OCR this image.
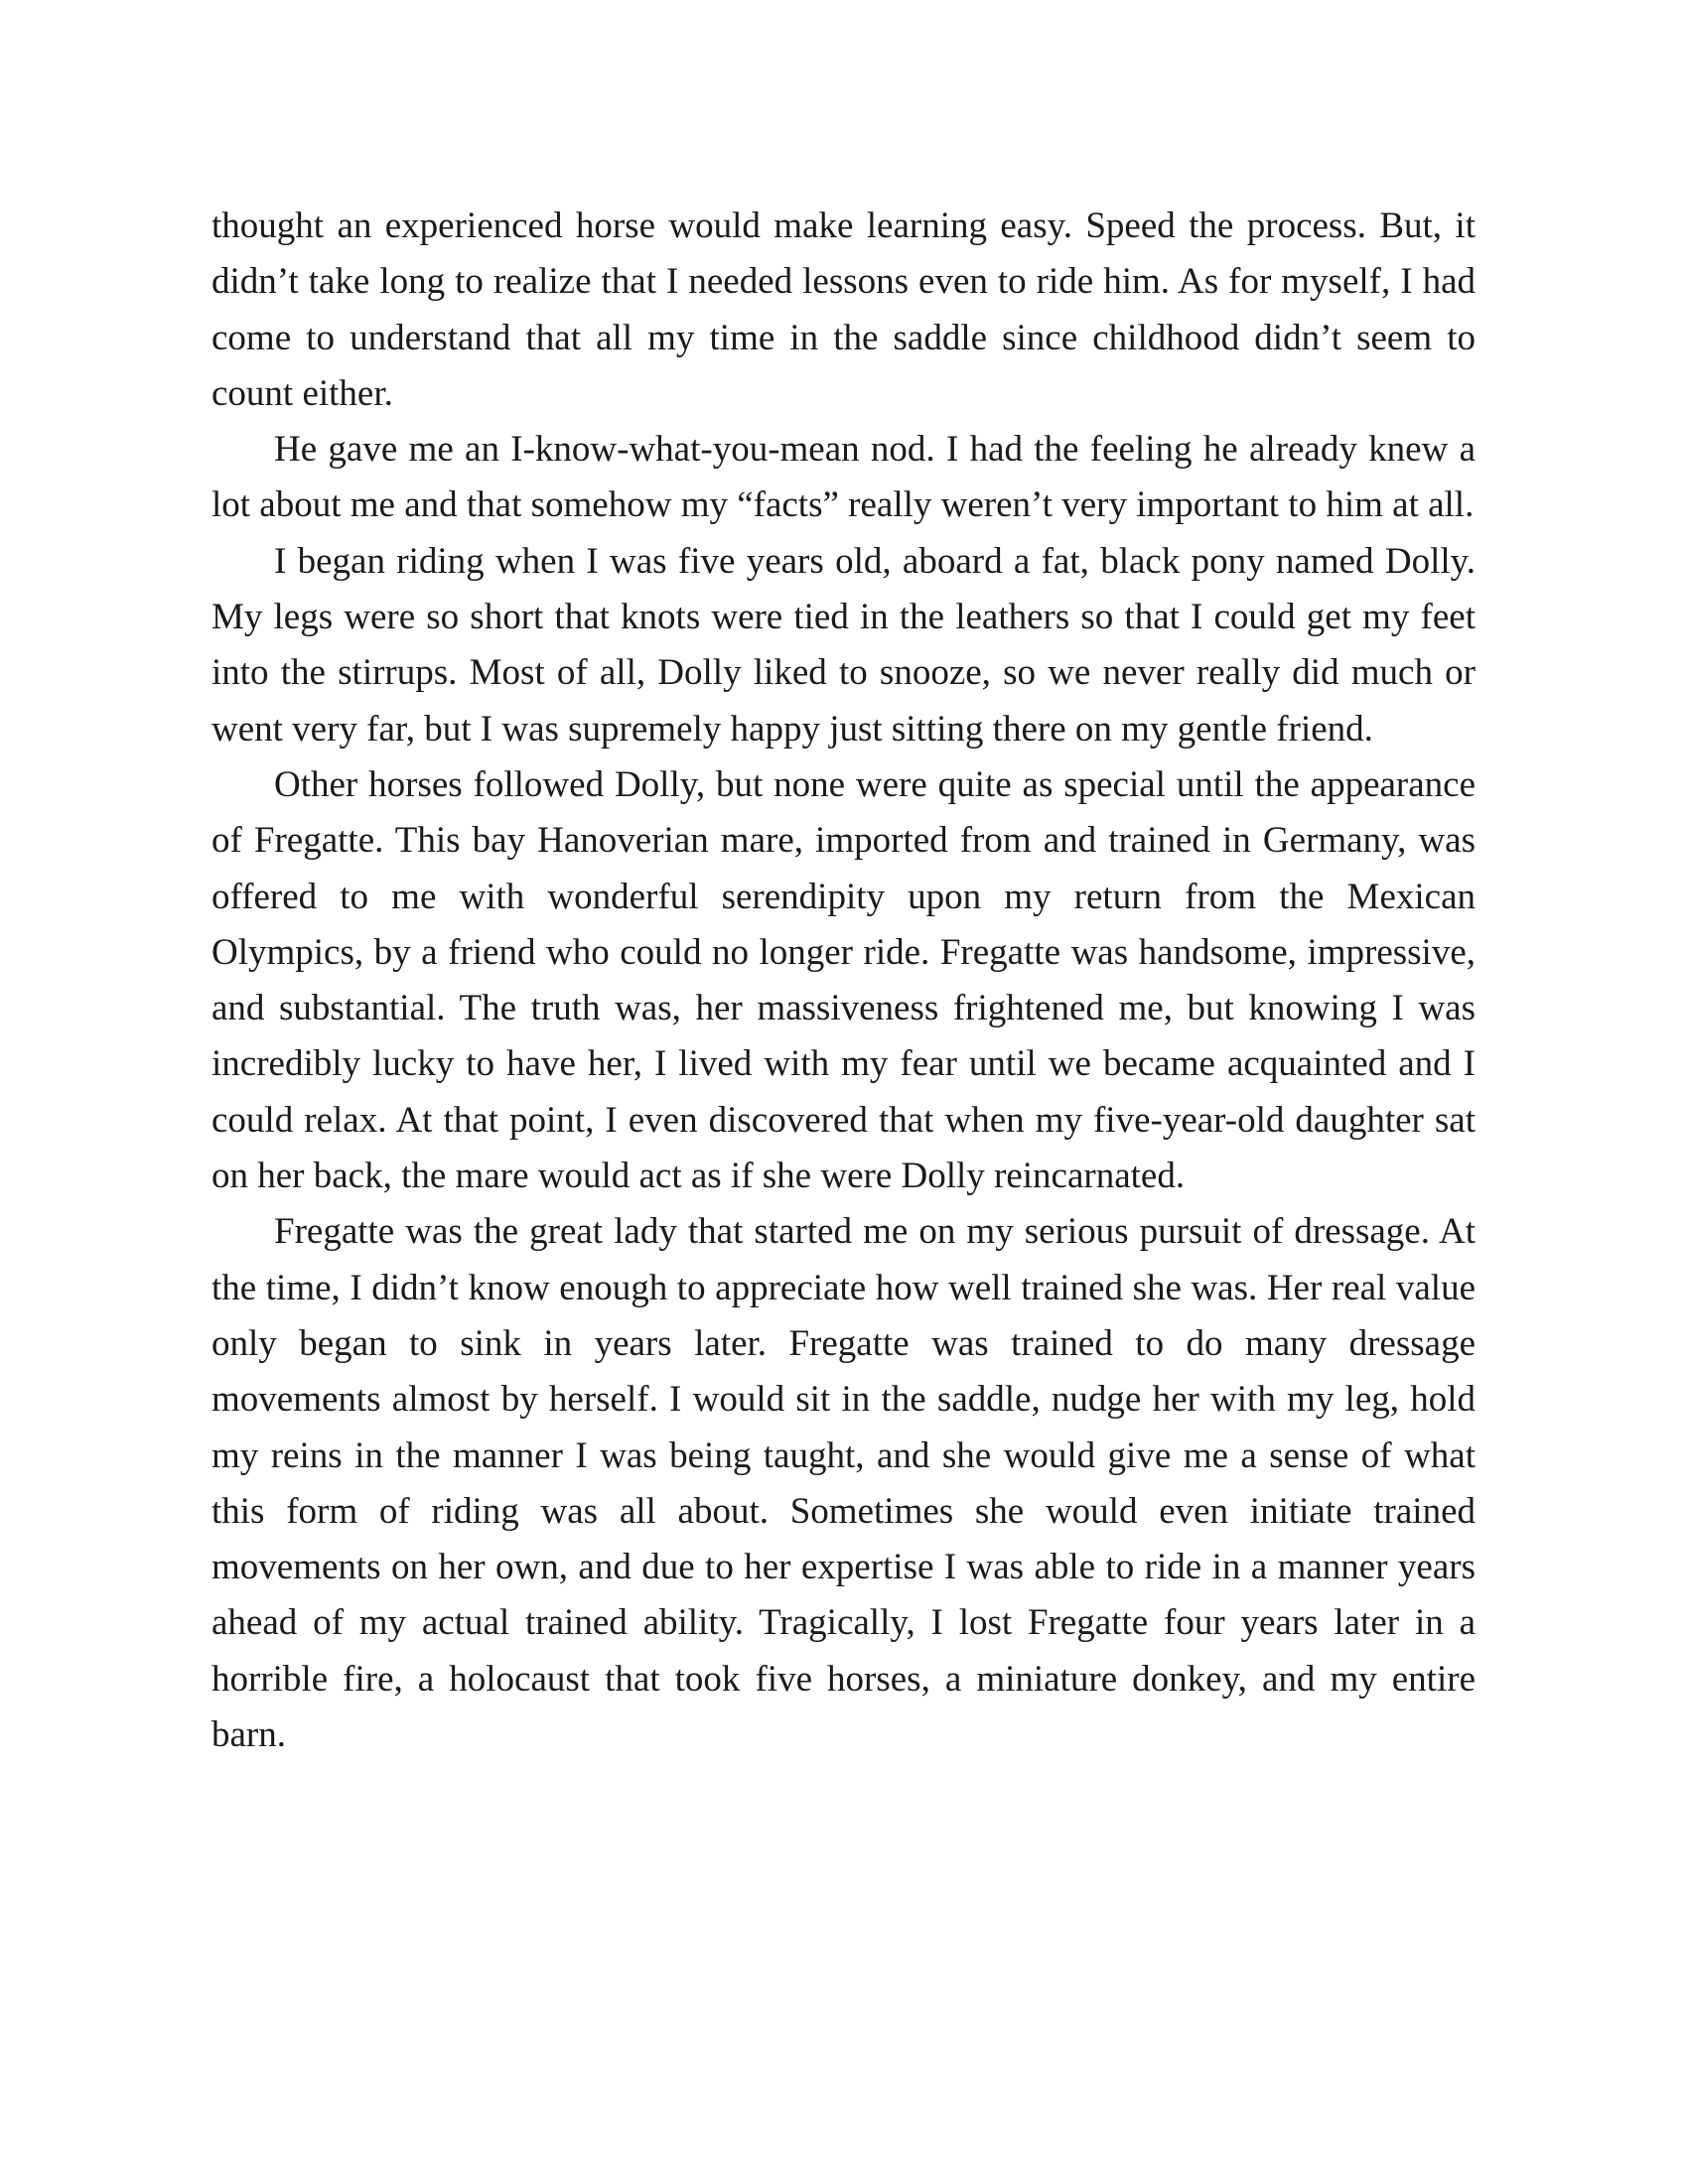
thought an experienced horse would make learning easy. Speed the process. But, it didn’t take long to realize that I needed lessons even to ride him. As for myself, I had come to understand that all my time in the saddle since childhood didn’t seem to count either.

He gave me an I-know-what-you-mean nod. I had the feeling he already knew a lot about me and that somehow my “facts” really weren’t very important to him at all.

I began riding when I was five years old, aboard a fat, black pony named Dolly. My legs were so short that knots were tied in the leathers so that I could get my feet into the stirrups. Most of all, Dolly liked to snooze, so we never really did much or went very far, but I was supremely happy just sitting there on my gentle friend.

Other horses followed Dolly, but none were quite as special until the appearance of Fregatte. This bay Hanoverian mare, imported from and trained in Germany, was offered to me with wonderful serendipity upon my return from the Mexican Olympics, by a friend who could no longer ride. Fregatte was handsome, impressive, and substantial. The truth was, her massiveness frightened me, but knowing I was incredibly lucky to have her, I lived with my fear until we became acquainted and I could relax. At that point, I even discovered that when my five-year-old daughter sat on her back, the mare would act as if she were Dolly reincarnated.

Fregatte was the great lady that started me on my serious pursuit of dressage. At the time, I didn’t know enough to appreciate how well trained she was. Her real value only began to sink in years later. Fregatte was trained to do many dressage movements almost by herself. I would sit in the saddle, nudge her with my leg, hold my reins in the manner I was being taught, and she would give me a sense of what this form of riding was all about. Sometimes she would even initiate trained movements on her own, and due to her expertise I was able to ride in a manner years ahead of my actual trained ability. Tragically, I lost Fregatte four years later in a horrible fire, a holocaust that took five horses, a miniature donkey, and my entire barn.
